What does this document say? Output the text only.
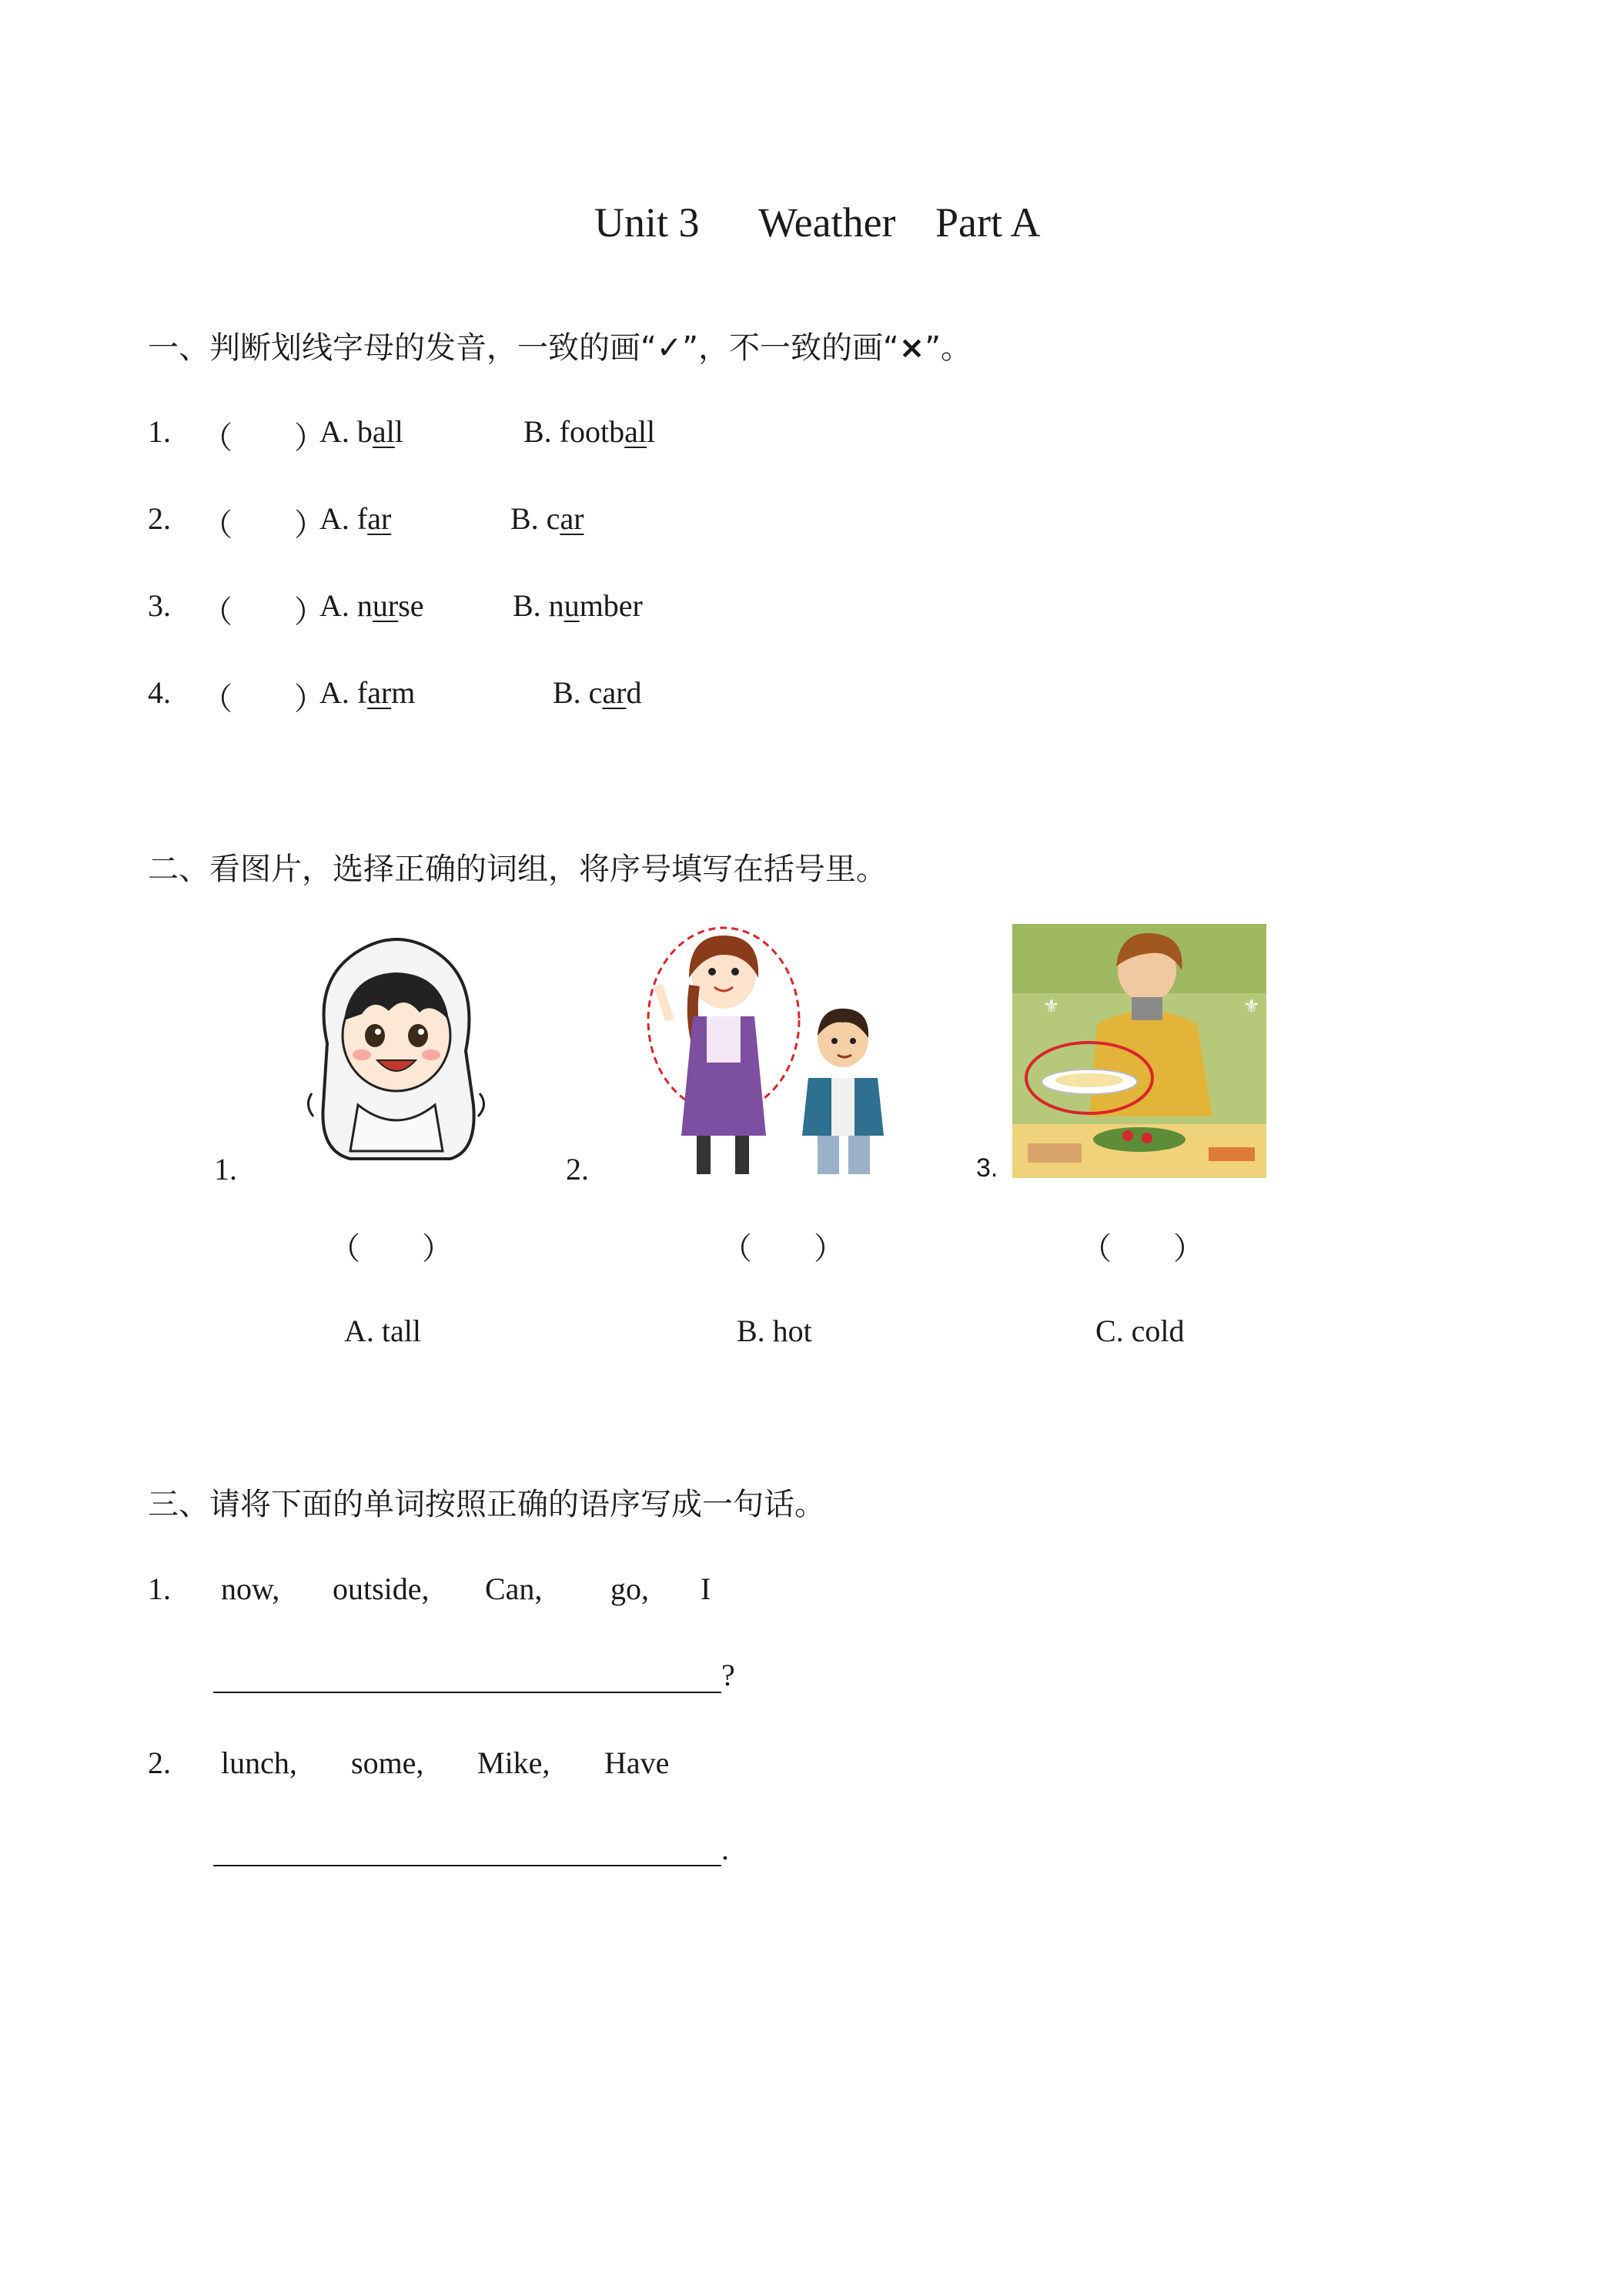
Unit 3 Weather Part A
一、判断划线字母的发音，一致的画“✓”，不一致的画“×”。
1. （　　）
A. ball	B. football
2. （　　）
A. far	B. car
3. （　　）
A. nurse	B. number
4. （　　）
A. farm	B. card
二、看图片，选择正确的词组，将序号填写在括号里。
1.
（　　）
2.
（　　）
3.
⚜	⚜
（　　）
A. tall	B. hot	C. cold
三、请将下面的单词按照正确的语序写成一句话。
1. now, outside, Can, go, I
?
2. lunch, some, Mike, Have
.
